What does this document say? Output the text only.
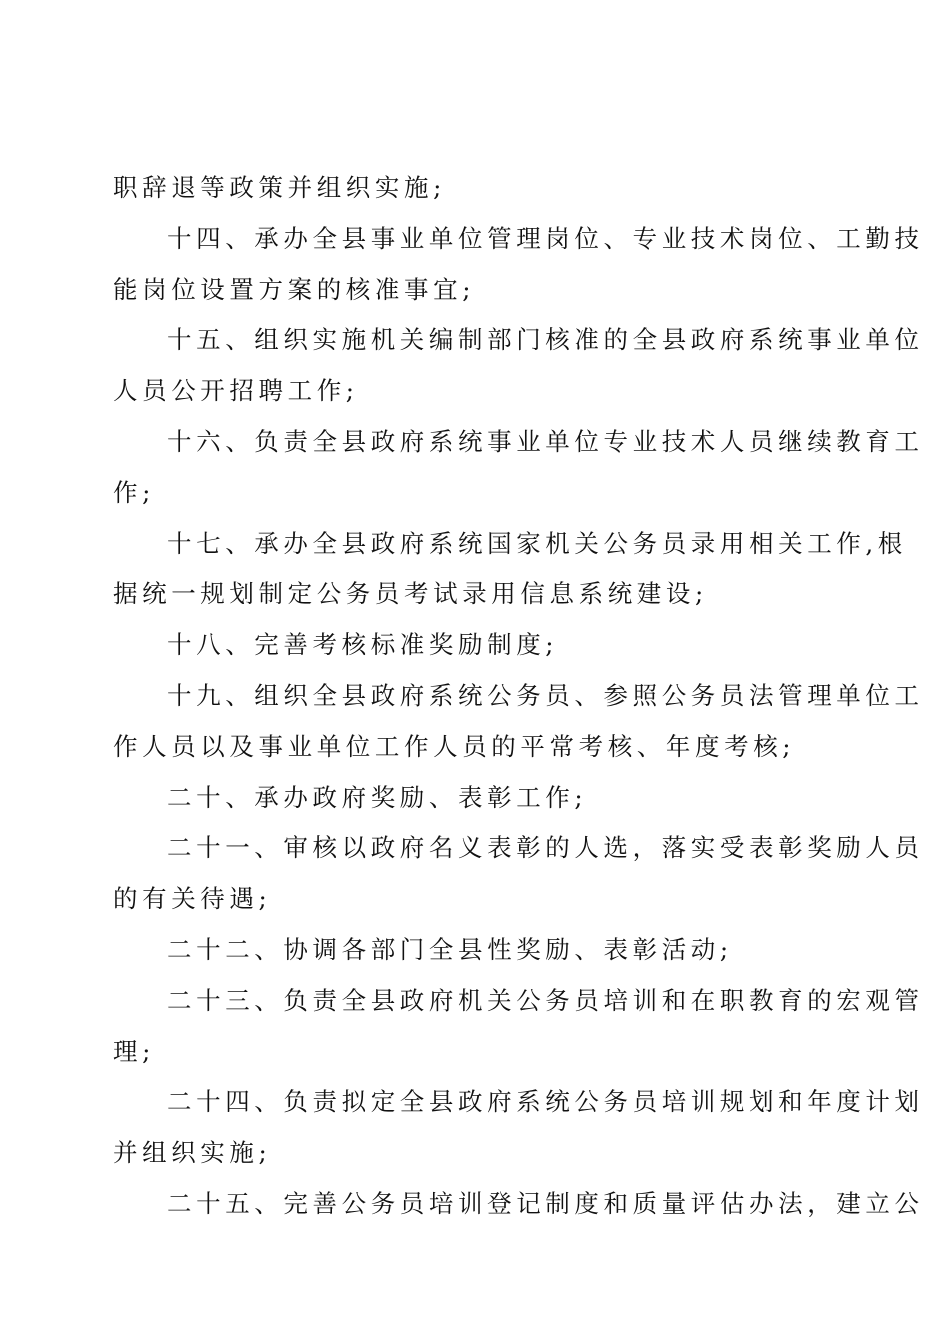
职辞退等政策并组织实施;
十四、承办全县事业单位管理岗位、专业技术岗位、工勤技
能岗位设置方案的核准事宜;
十五、组织实施机关编制部门核准的全县政府系统事业单位
人员公开招聘工作;
十六、负责全县政府系统事业单位专业技术人员继续教育工
作;
十七、承办全县政府系统国家机关公务员录用相关工作,根
据统一规划制定公务员考试录用信息系统建设;
十八、完善考核标准奖励制度;
十九、组织全县政府系统公务员、参照公务员法管理单位工
作人员以及事业单位工作人员的平常考核、年度考核;
二十、承办政府奖励、表彰工作;
二十一、审核以政府名义表彰的人选，落实受表彰奖励人员
的有关待遇;
二十二、协调各部门全县性奖励、表彰活动;
二十三、负责全县政府机关公务员培训和在职教育的宏观管
理;
二十四、负责拟定全县政府系统公务员培训规划和年度计划
并组织实施;
二十五、完善公务员培训登记制度和质量评估办法，建立公
